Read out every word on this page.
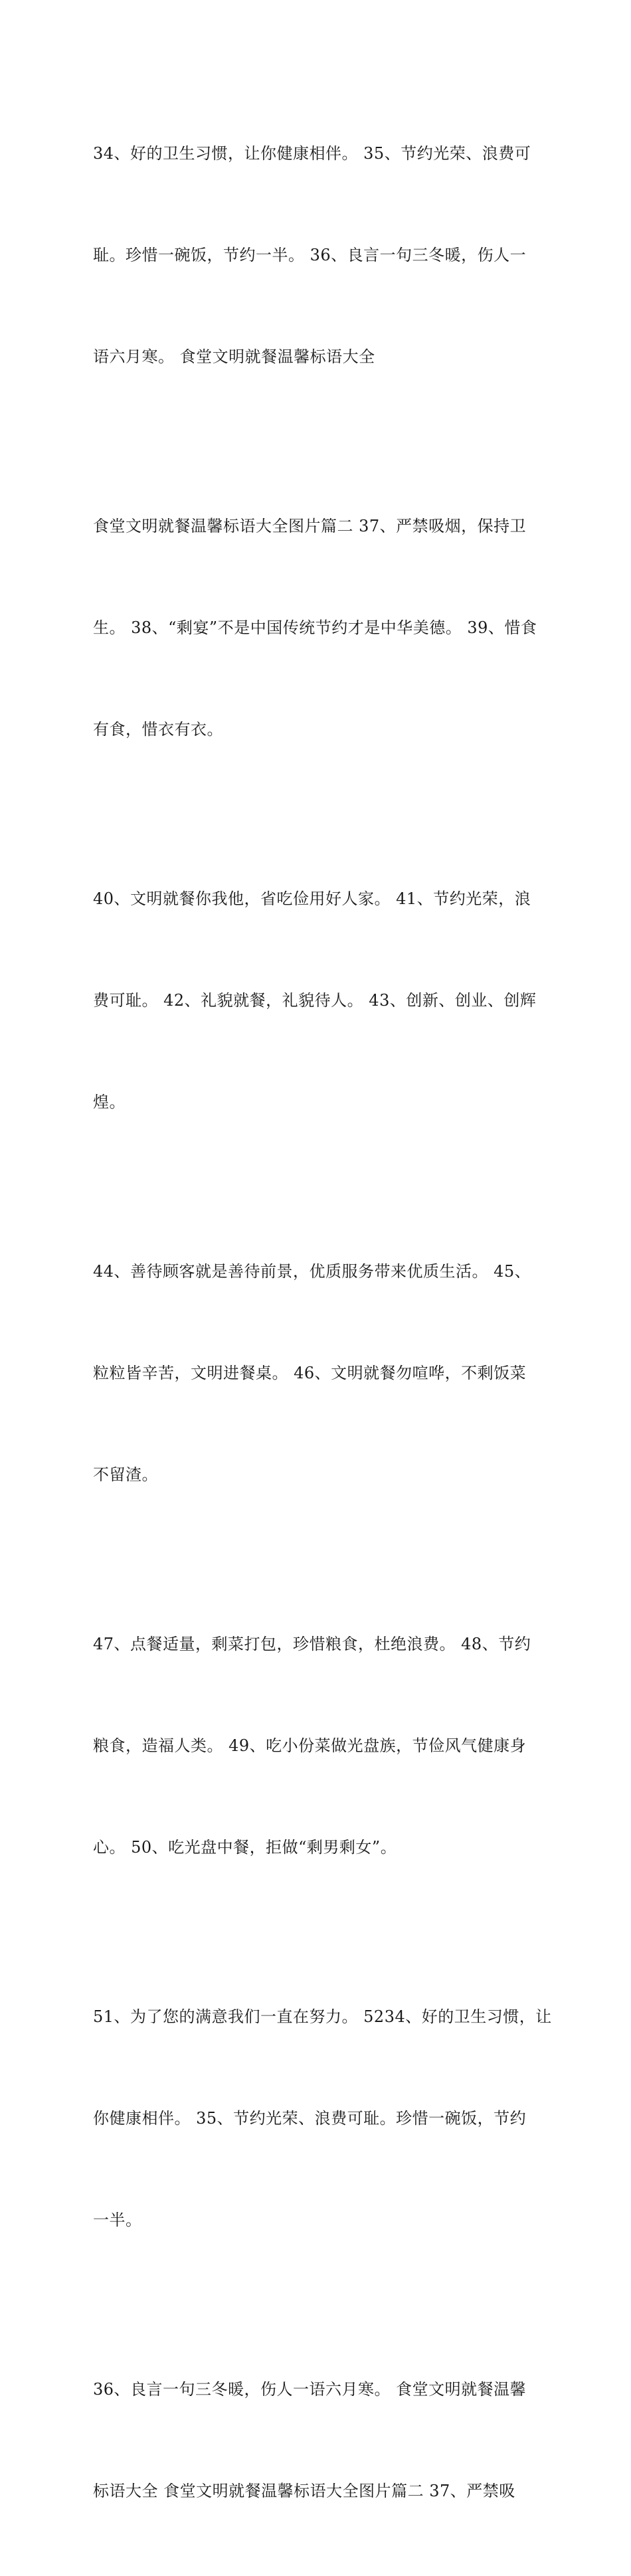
34、好的卫生习惯，让你健康相伴。 35、节约光荣、浪费可

耻。珍惜一碗饭，节约一半。 36、良言一句三冬暖，伤人一

语六月寒。 食堂文明就餐温馨标语大全

食堂文明就餐温馨标语大全图片篇二 37、严禁吸烟，保持卫

生。 38、“剩宴”不是中国传统节约才是中华美德。 39、惜食

有食，惜衣有衣。

40、文明就餐你我他，省吃俭用好人家。 41、节约光荣，浪

费可耻。 42、礼貌就餐，礼貌待人。 43、创新、创业、创辉

煌。

44、善待顾客就是善待前景，优质服务带来优质生活。 45、

粒粒皆辛苦，文明进餐桌。 46、文明就餐勿喧哗，不剩饭菜

不留渣。

47、点餐适量，剩菜打包，珍惜粮食，杜绝浪费。 48、节约

粮食，造福人类。 49、吃小份菜做光盘族，节俭风气健康身

心。 50、吃光盘中餐，拒做“剩男剩女”。

51、为了您的满意我们一直在努力。 5234、好的卫生习惯，让

你健康相伴。 35、节约光荣、浪费可耻。珍惜一碗饭，节约

一半。

36、良言一句三冬暖，伤人一语六月寒。 食堂文明就餐温馨

标语大全 食堂文明就餐温馨标语大全图片篇二 37、严禁吸
